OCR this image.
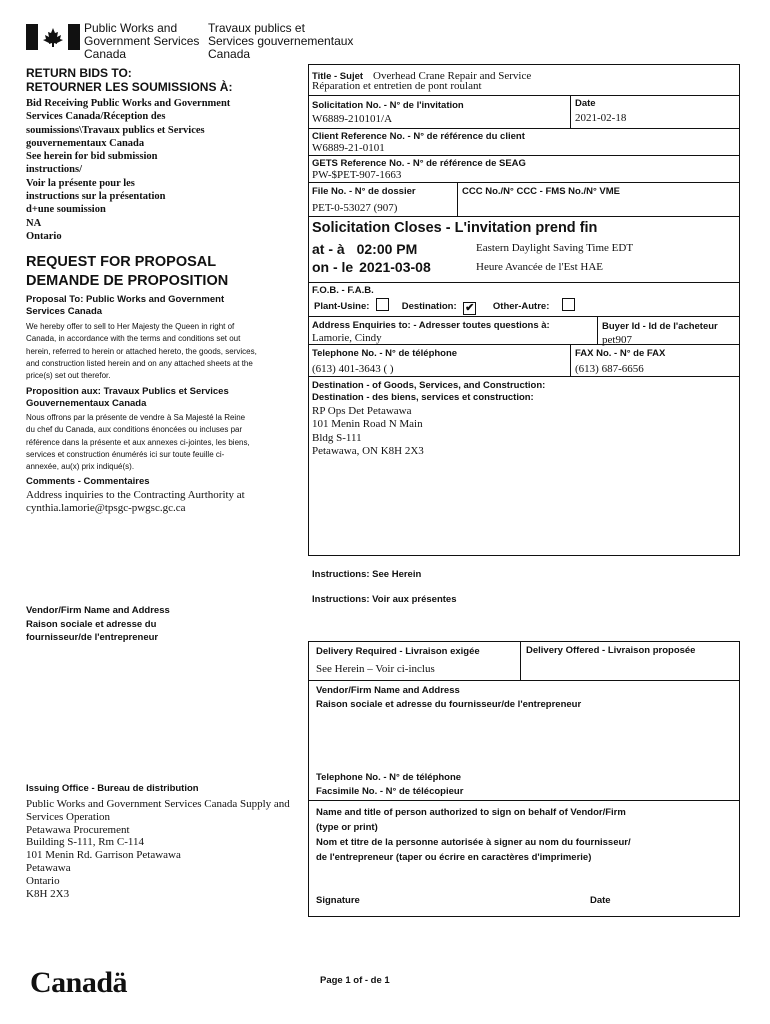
Public Works and
Government Services
Canada
Travaux publics et
Services gouvernementaux
Canada
RETURN BIDS TO:
RETOURNER LES SOUMISSIONS À:
Bid Receiving Public Works and Government
Services Canada/Réception des
soumissions\Travaux publics et Services
gouvernementaux Canada
See herein for bid submission
instructions/
Voir la présente pour les
instructions sur la présentation
d+une soumission
NA
Ontario
REQUEST FOR PROPOSAL
DEMANDE DE PROPOSITION
Proposal To: Public Works and Government Services Canada
We hereby offer to sell to Her Majesty the Queen in right of Canada, in accordance with the terms and conditions set out herein, referred to herein or attached hereto, the goods, services, and construction listed herein and on any attached sheets at the price(s) set out therefor.
Proposition aux: Travaux Publics et Services Gouvernementaux Canada
Nous offrons par la présente de vendre à Sa Majesté la Reine du chef du Canada, aux conditions énoncées ou incluses par référence dans la présente et aux annexes ci-jointes, les biens, services et construction énumérés ici sur toute feuille ci-annexée, au(x) prix indiqué(s).
Comments - Commentaires
Address inquiries to the Contracting Aurthority at cynthia.lamorie@tpsgc-pwgsc.gc.ca
Vendor/Firm Name and Address
Raison sociale et adresse du
fournisseur/de l'entrepreneur
Issuing Office - Bureau de distribution
Public Works and Government Services Canada Supply and
Services Operation
Petawawa Procurement
Building S-111, Rm C-114
101 Menin Rd. Garrison Petawawa
Petawawa
Ontario
K8H 2X3
Title - Sujet Overhead Crane Repair and Service
Réparation et entretien de pont roulant
Solicitation No. - N° de l'invitation
W6889-210101/A
Date
2021-02-18
Client Reference No. - N° de référence du client
W6889-21-0101
GETS Reference No. - N° de référence de SEAG
PW-$PET-907-1663
File No. - N° de dossier
PET-0-53027 (907)
CCC No./N° CCC - FMS No./N° VME
Solicitation Closes - L'invitation prend fin
at - à 02:00 PM
on - le 2021-03-08
Eastern Daylight Saving Time EDT
Heure Avancée de l'Est HAE
F.O.B. - F.A.B.
Plant-Usine:	Destination: ✔ Other-Autre:
Address Enquiries to: - Adresser toutes questions à:
Lamorie, Cindy
Buyer Id - Id de l'acheteur
pet907
Telephone No. - N° de téléphone
(613) 401-3643 ( )
FAX No. - N° de FAX
(613) 687-6656
Destination - of Goods, Services, and Construction:
Destination - des biens, services et construction:
RP Ops Det Petawawa
101 Menin Road N Main
Bldg S-111
Petawawa, ON K8H 2X3
Instructions: See Herein
Instructions: Voir aux présentes
Delivery Required - Livraison exigée
See Herein – Voir ci-inclus
Delivery Offered - Livraison proposée
Vendor/Firm Name and Address
Raison sociale et adresse du fournisseur/de l'entrepreneur
Telephone No. - N° de téléphone
Facsimile No. - N° de télécopieur
Name and title of person authorized to sign on behalf of Vendor/Firm
(type or print)
Nom et titre de la personne autorisée à signer au nom du fournisseur/
de l'entrepreneur (taper ou écrire en caractères d'imprimerie)
Signature	Date
Canadä	Page 1 of - de 1
